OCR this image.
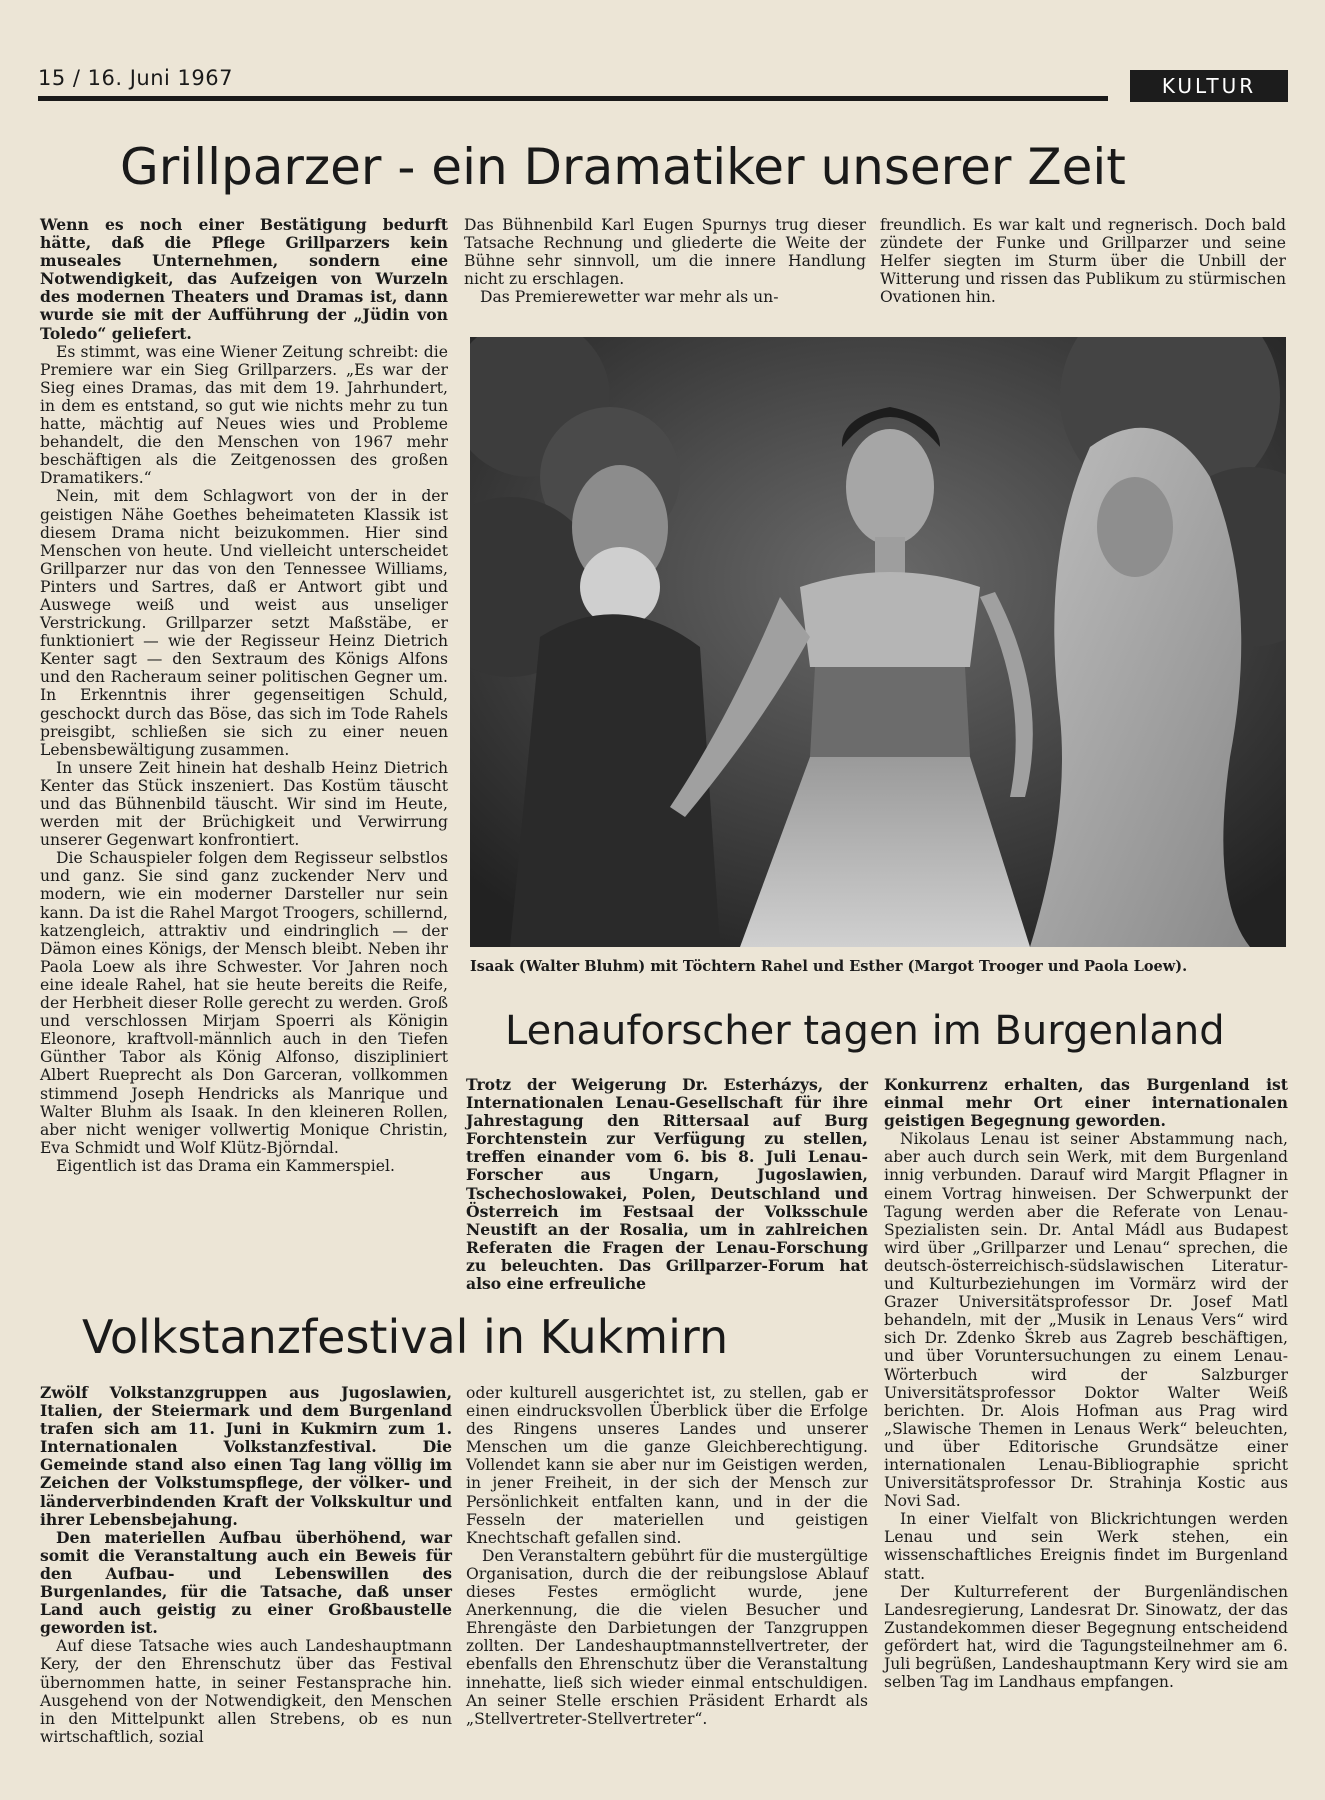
15 / 16. Juni 1967	KULTUR
Grillparzer - ein Dramatiker unserer Zeit

Wenn es noch einer Bestätigung bedurft hätte, daß die Pflege Grillparzers kein museales Unternehmen, sondern eine Notwendigkeit, das Aufzeigen von Wurzeln des modernen Theaters und Dramas ist, dann wurde sie mit der Aufführung der „Jüdin von Toledo“ geliefert.

Es stimmt, was eine Wiener Zeitung schreibt: die Premiere war ein Sieg Grillparzers. „Es war der Sieg eines Dramas, das mit dem 19. Jahrhundert, in dem es entstand, so gut wie nichts mehr zu tun hatte, mächtig auf Neues wies und Probleme behandelt, die den Menschen von 1967 mehr beschäftigen als die Zeitgenossen des großen Dramatikers.“

Nein, mit dem Schlagwort von der in der geistigen Nähe Goethes beheimateten Klassik ist diesem Drama nicht beizukommen. Hier sind Menschen von heute. Und vielleicht unterscheidet Grillparzer nur das von den Tennessee Williams, Pinters und Sartres, daß er Antwort gibt und Auswege weiß und weist aus unseliger Verstrickung. Grillparzer setzt Maßstäbe, er funktioniert — wie der Regisseur Heinz Dietrich Kenter sagt — den Sextraum des Königs Alfons und den Racheraum seiner politischen Gegner um. In Erkenntnis ihrer gegenseitigen Schuld, geschockt durch das Böse, das sich im Tode Rahels preisgibt, schließen sie sich zu einer neuen Lebensbewältigung zusammen.

In unsere Zeit hinein hat deshalb Heinz Dietrich Kenter das Stück inszeniert. Das Kostüm täuscht und das Bühnenbild täuscht. Wir sind im Heute, werden mit der Brüchigkeit und Verwirrung unserer Gegenwart konfrontiert.

Die Schauspieler folgen dem Regisseur selbstlos und ganz. Sie sind ganz zuckender Nerv und modern, wie ein moderner Darsteller nur sein kann. Da ist die Rahel Margot Troogers, schillernd, katzengleich, attraktiv und eindringlich — der Dämon eines Königs, der Mensch bleibt. Neben ihr Paola Loew als ihre Schwester. Vor Jahren noch eine ideale Rahel, hat sie heute bereits die Reife, der Herbheit dieser Rolle gerecht zu werden. Groß und verschlossen Mirjam Spoerri als Königin Eleonore, kraftvoll-männlich auch in den Tiefen Günther Tabor als König Alfonso, diszipliniert Albert Rueprecht als Don Garceran, vollkommen stimmend Joseph Hendricks als Manrique und Walter Bluhm als Isaak. In den kleineren Rollen, aber nicht weniger vollwertig Monique Christin, Eva Schmidt und Wolf Klütz-Björndal.

Eigentlich ist das Drama ein Kammerspiel.

Das Bühnenbild Karl Eugen Spurnys trug dieser Tatsache Rechnung und gliederte die Weite der Bühne sehr sinnvoll, um die innere Handlung nicht zu erschlagen.

Das Premierewetter war mehr als un-

freundlich. Es war kalt und regnerisch. Doch bald zündete der Funke und Grillparzer und seine Helfer siegten im Sturm über die Unbill der Witterung und rissen das Publikum zu stürmischen Ovationen hin.

Isaak (Walter Bluhm) mit Töchtern Rahel und Esther (Margot Trooger und Paola Loew).
Lenauforscher tagen im Burgenland

Trotz der Weigerung Dr. Esterházys, der Internationalen Lenau-Gesellschaft für ihre Jahrestagung den Rittersaal auf Burg Forchtenstein zur Verfügung zu stellen, treffen einander vom 6. bis 8. Juli Lenau-Forscher aus Ungarn, Jugoslawien, Tschechoslowakei, Polen, Deutschland und Österreich im Festsaal der Volksschule Neustift an der Rosalia, um in zahlreichen Referaten die Fragen der Lenau-Forschung zu beleuchten. Das Grillparzer-Forum hat also eine erfreuliche

Konkurrenz erhalten, das Burgenland ist einmal mehr Ort einer internationalen geistigen Begegnung geworden.

Nikolaus Lenau ist seiner Abstammung nach, aber auch durch sein Werk, mit dem Burgenland innig verbunden. Darauf wird Margit Pflagner in einem Vortrag hinweisen. Der Schwerpunkt der Tagung werden aber die Referate von Lenau-Spezialisten sein. Dr. Antal Mádl aus Budapest wird über „Grillparzer und Lenau“ sprechen, die deutsch-österreichisch-südslawischen Literatur- und Kulturbeziehungen im Vormärz wird der Grazer Universitätsprofessor Dr. Josef Matl behandeln, mit der „Musik in Lenaus Vers“ wird sich Dr. Zdenko Škreb aus Zagreb beschäftigen, und über Voruntersuchungen zu einem Lenau-Wörterbuch wird der Salzburger Universitätsprofessor Doktor Walter Weiß berichten. Dr. Alois Hofman aus Prag wird „Slawische Themen in Lenaus Werk“ beleuchten, und über Editorische Grundsätze einer internationalen Lenau-Bibliographie spricht Universitätsprofessor Dr. Strahinja Kostic aus Novi Sad.

In einer Vielfalt von Blickrichtungen werden Lenau und sein Werk stehen, ein wissenschaftliches Ereignis findet im Burgenland statt.

Der Kulturreferent der Burgenländischen Landesregierung, Landesrat Dr. Sinowatz, der das Zustandekommen dieser Begegnung entscheidend gefördert hat, wird die Tagungsteilnehmer am 6. Juli begrüßen, Landeshauptmann Kery wird sie am selben Tag im Landhaus empfangen.

Volkstanzfestival in Kukmirn

Zwölf Volkstanzgruppen aus Jugoslawien, Italien, der Steiermark und dem Burgenland trafen sich am 11. Juni in Kukmirn zum 1. Internationalen Volkstanzfestival. Die Gemeinde stand also einen Tag lang völlig im Zeichen der Volkstumspflege, der völker- und länderverbindenden Kraft der Volkskultur und ihrer Lebensbejahung.

Den materiellen Aufbau überhöhend, war somit die Veranstaltung auch ein Beweis für den Aufbau- und Lebenswillen des Burgenlandes, für die Tatsache, daß unser Land auch geistig zu einer Großbaustelle geworden ist.

Auf diese Tatsache wies auch Landeshauptmann Kery, der den Ehrenschutz über das Festival übernommen hatte, in seiner Festansprache hin. Ausgehend von der Notwendigkeit, den Menschen in den Mittelpunkt allen Strebens, ob es nun wirtschaftlich, sozial

oder kulturell ausgerichtet ist, zu stellen, gab er einen eindrucksvollen Überblick über die Erfolge des Ringens unseres Landes und unserer Menschen um die ganze Gleichberechtigung. Vollendet kann sie aber nur im Geistigen werden, in jener Freiheit, in der sich der Mensch zur Persönlichkeit entfalten kann, und in der die Fesseln der materiellen und geistigen Knechtschaft gefallen sind.

Den Veranstaltern gebührt für die mustergültige Organisation, durch die der reibungslose Ablauf dieses Festes ermöglicht wurde, jene Anerkennung, die die vielen Besucher und Ehrengäste den Darbietungen der Tanzgruppen zollten. Der Landeshauptmannstellvertreter, der ebenfalls den Ehrenschutz über die Veranstaltung innehatte, ließ sich wieder einmal entschuldigen. An seiner Stelle erschien Präsident Erhardt als „Stellvertreter-Stellvertreter“.
